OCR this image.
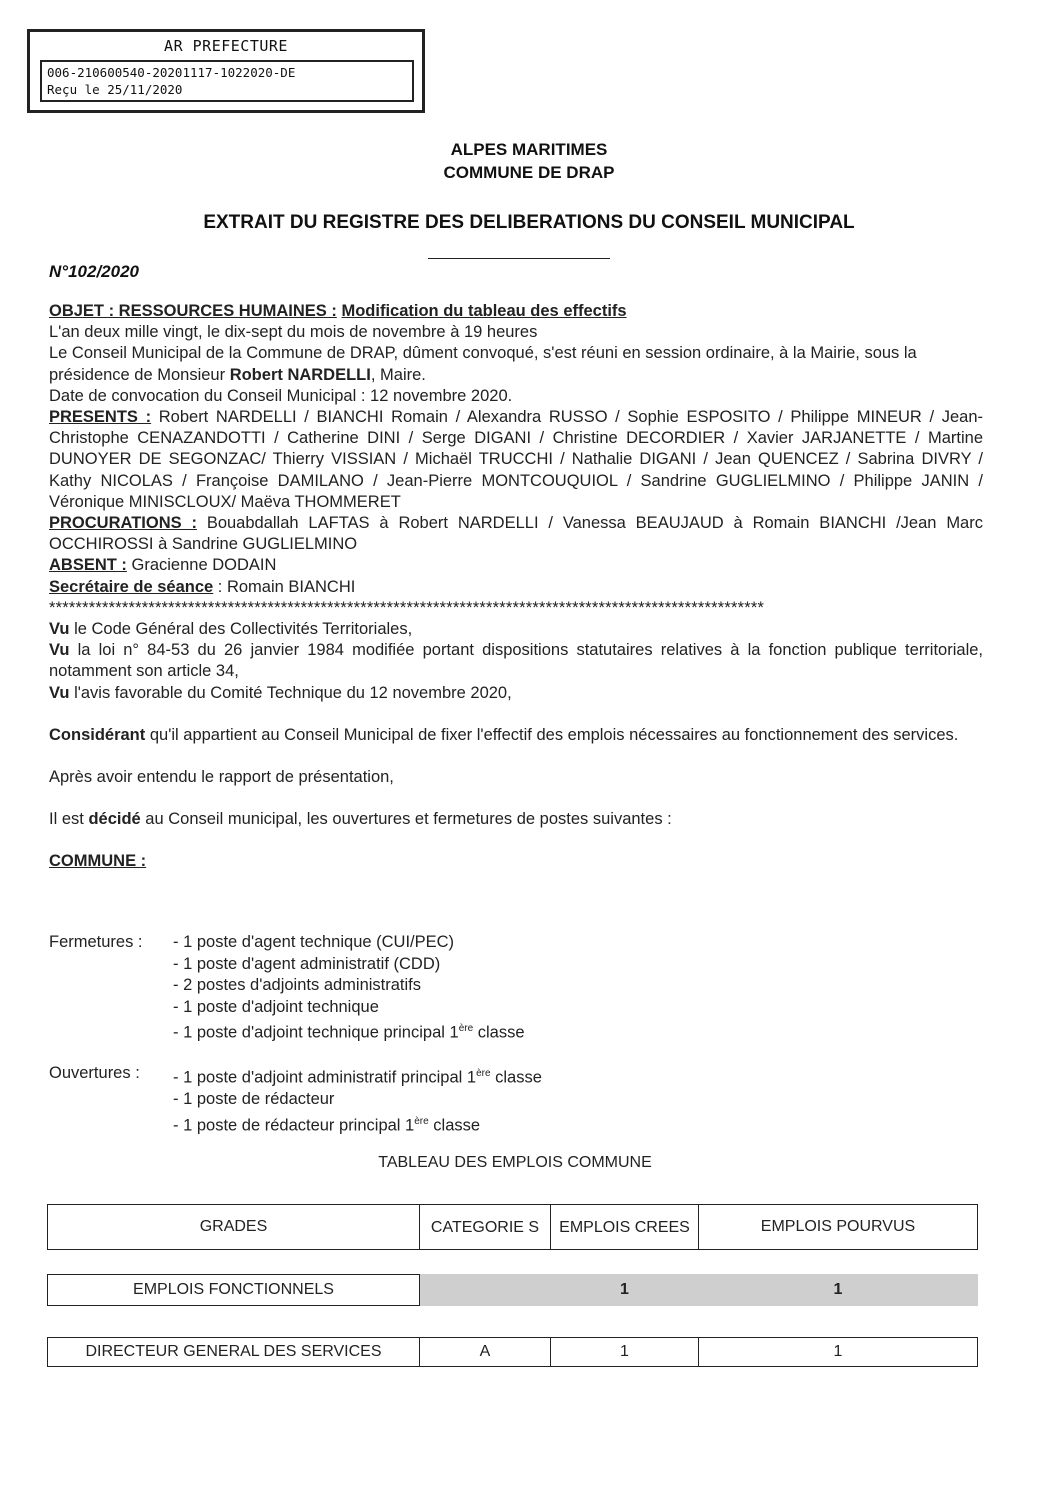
AR PREFECTURE
006-210600540-20201117-1022020-DE
Reçu le 25/11/2020
ALPES MARITIMES
COMMUNE DE DRAP
EXTRAIT DU REGISTRE DES DELIBERATIONS DU CONSEIL MUNICIPAL
N°102/2020

OBJET : RESSOURCES HUMAINES : Modification du tableau des effectifs

L'an deux mille vingt, le dix-sept du mois de novembre à 19 heures

Le Conseil Municipal de la Commune de DRAP, dûment convoqué, s'est réuni en session ordinaire, à la Mairie, sous la présidence de Monsieur Robert NARDELLI, Maire.

Date de convocation du Conseil Municipal : 12 novembre 2020.

PRESENTS : Robert NARDELLI / BIANCHI Romain / Alexandra RUSSO / Sophie ESPOSITO / Philippe MINEUR / Jean-Christophe CENAZANDOTTI / Catherine DINI / Serge DIGANI / Christine DECORDIER / Xavier JARJANETTE / Martine DUNOYER DE SEGONZAC/ Thierry VISSIAN / Michaël TRUCCHI / Nathalie DIGANI / Jean QUENCEZ / Sabrina DIVRY / Kathy NICOLAS / Françoise DAMILANO / Jean-Pierre MONTCOUQUIOL / Sandrine GUGLIELMINO / Philippe JANIN / Véronique MINISCLOUX/ Maëva THOMMERET

PROCURATIONS : Bouabdallah LAFTAS à Robert NARDELLI / Vanessa BEAUJAUD à Romain BIANCHI /Jean Marc OCCHIROSSI à Sandrine GUGLIELMINO

ABSENT : Gracienne DODAIN

Secrétaire de séance : Romain BIANCHI

************************************************************************************************************

Vu le Code Général des Collectivités Territoriales,

Vu la loi n° 84-53 du 26 janvier 1984 modifiée portant dispositions statutaires relatives à la fonction publique territoriale, notamment son article 34,

Vu l'avis favorable du Comité Technique du 12 novembre 2020,

Considérant qu'il appartient au Conseil Municipal de fixer l'effectif des emplois nécessaires au fonctionnement des services.

Après avoir entendu le rapport de présentation,

Il est décidé au Conseil municipal, les ouvertures et fermetures de postes suivantes :

COMMUNE :

Fermetures :	- 1 poste d'agent technique (CUI/PEC)
- 1 poste d'agent administratif (CDD)
- 2 postes d'adjoints administratifs
- 1 poste d'adjoint technique
- 1 poste d'adjoint technique principal 1ère classe
Ouvertures :	- 1 poste d'adjoint administratif principal 1ère classe
- 1 poste de rédacteur
- 1 poste de rédacteur principal 1ère classe
TABLEAU DES EMPLOIS COMMUNE
GRADES	CATEGORIE S	EMPLOIS CREES	EMPLOIS POURVUS
EMPLOIS FONCTIONNELS		1	1
DIRECTEUR GENERAL DES SERVICES	A	1	1
